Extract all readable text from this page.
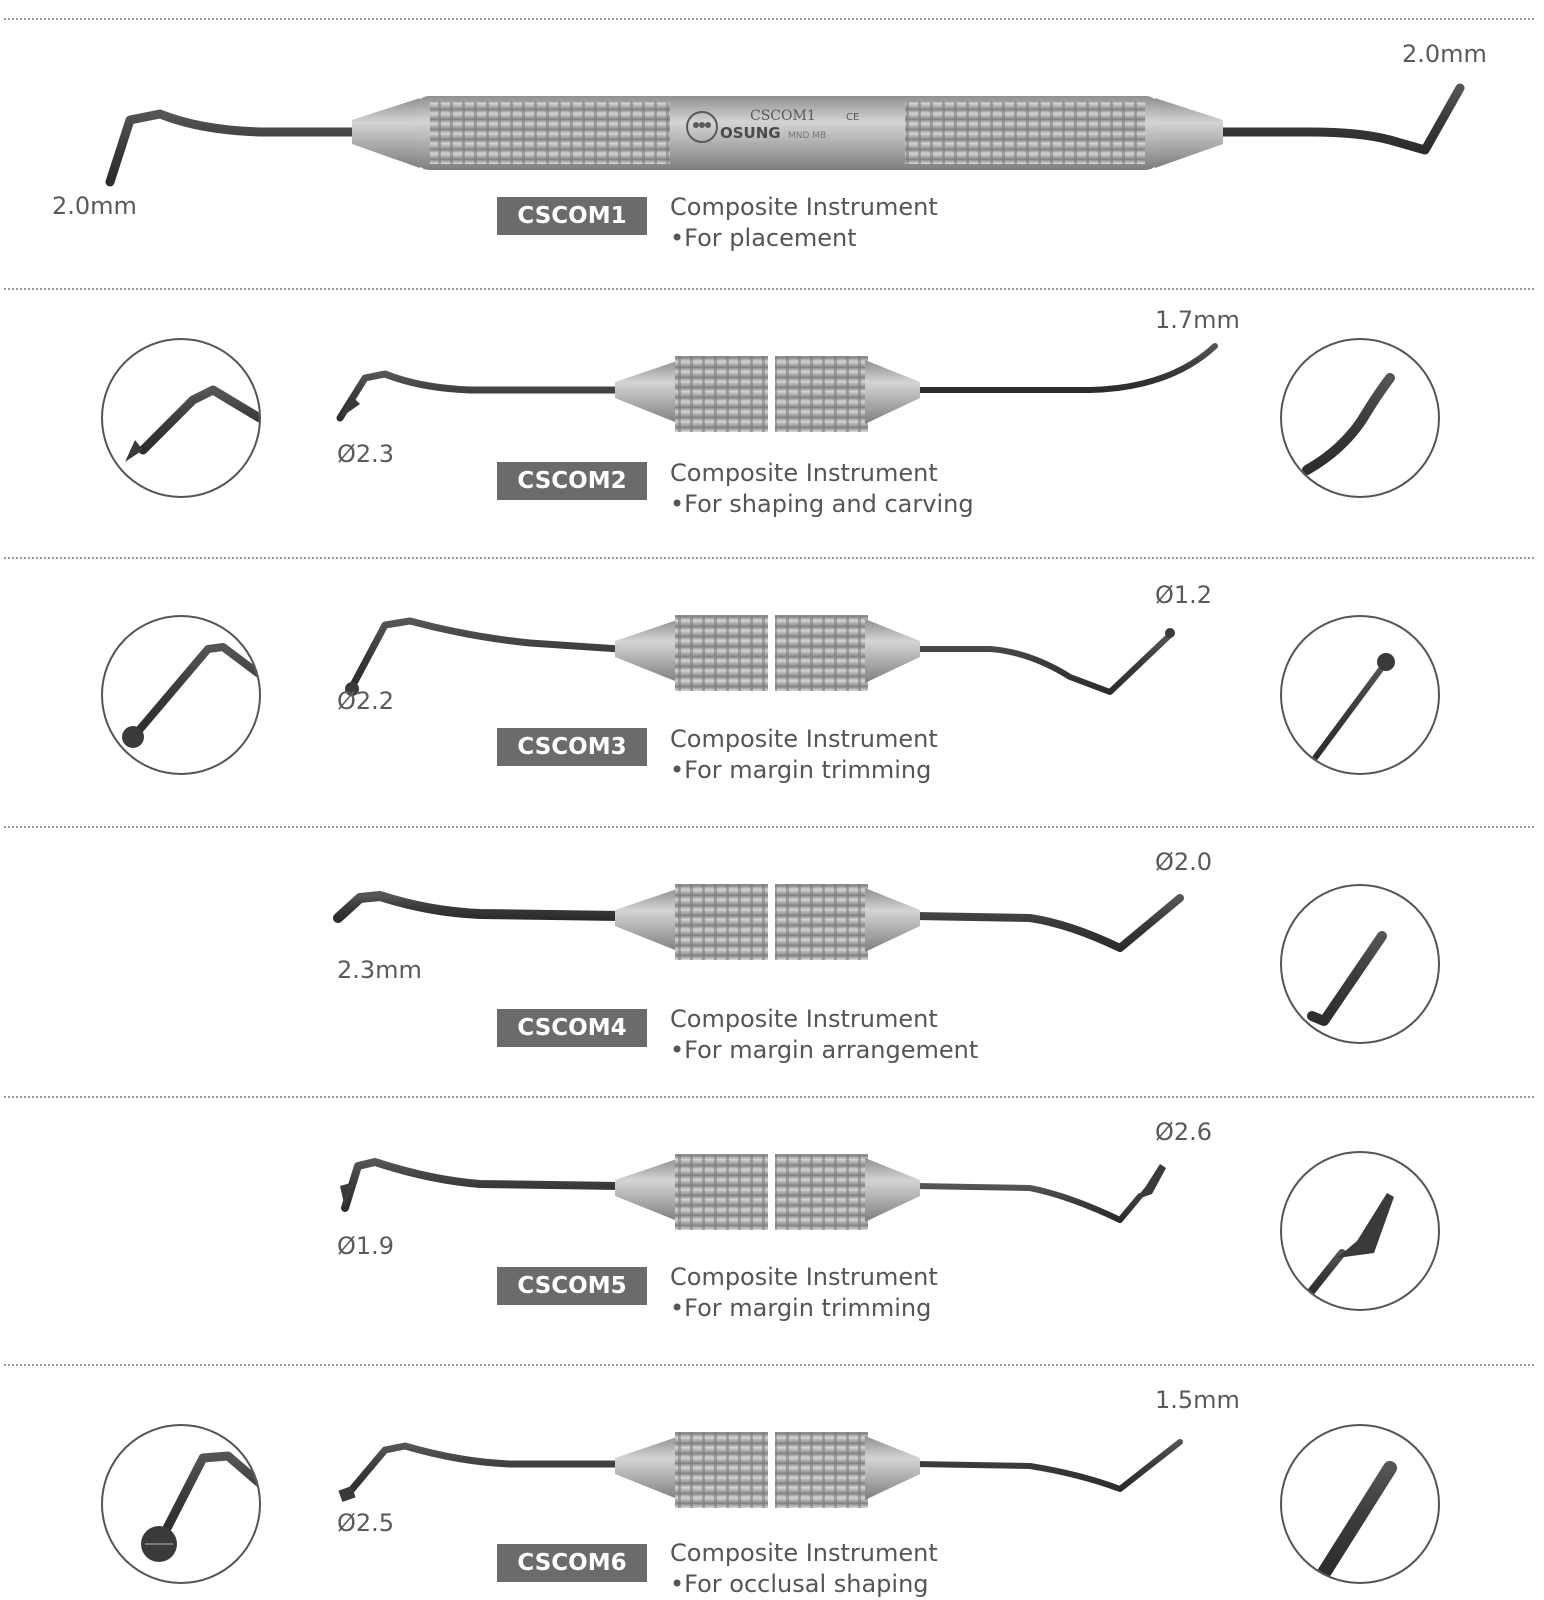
CSCOM1	CE
OSUNG MND MB
2.0mm
2.0mm
CSCOM1	Composite Instrument
•For placement
Ø2.3
1.7mm
CSCOM2	Composite Instrument
•For shaping and carving
Ø2.2
Ø1.2
CSCOM3	Composite Instrument
•For margin trimming
2.3mm
Ø2.0
CSCOM4	Composite Instrument
•For margin arrangement
Ø1.9
Ø2.6
CSCOM5	Composite Instrument
•For margin trimming
Ø2.5
1.5mm
CSCOM6	Composite Instrument
•For occlusal shaping
